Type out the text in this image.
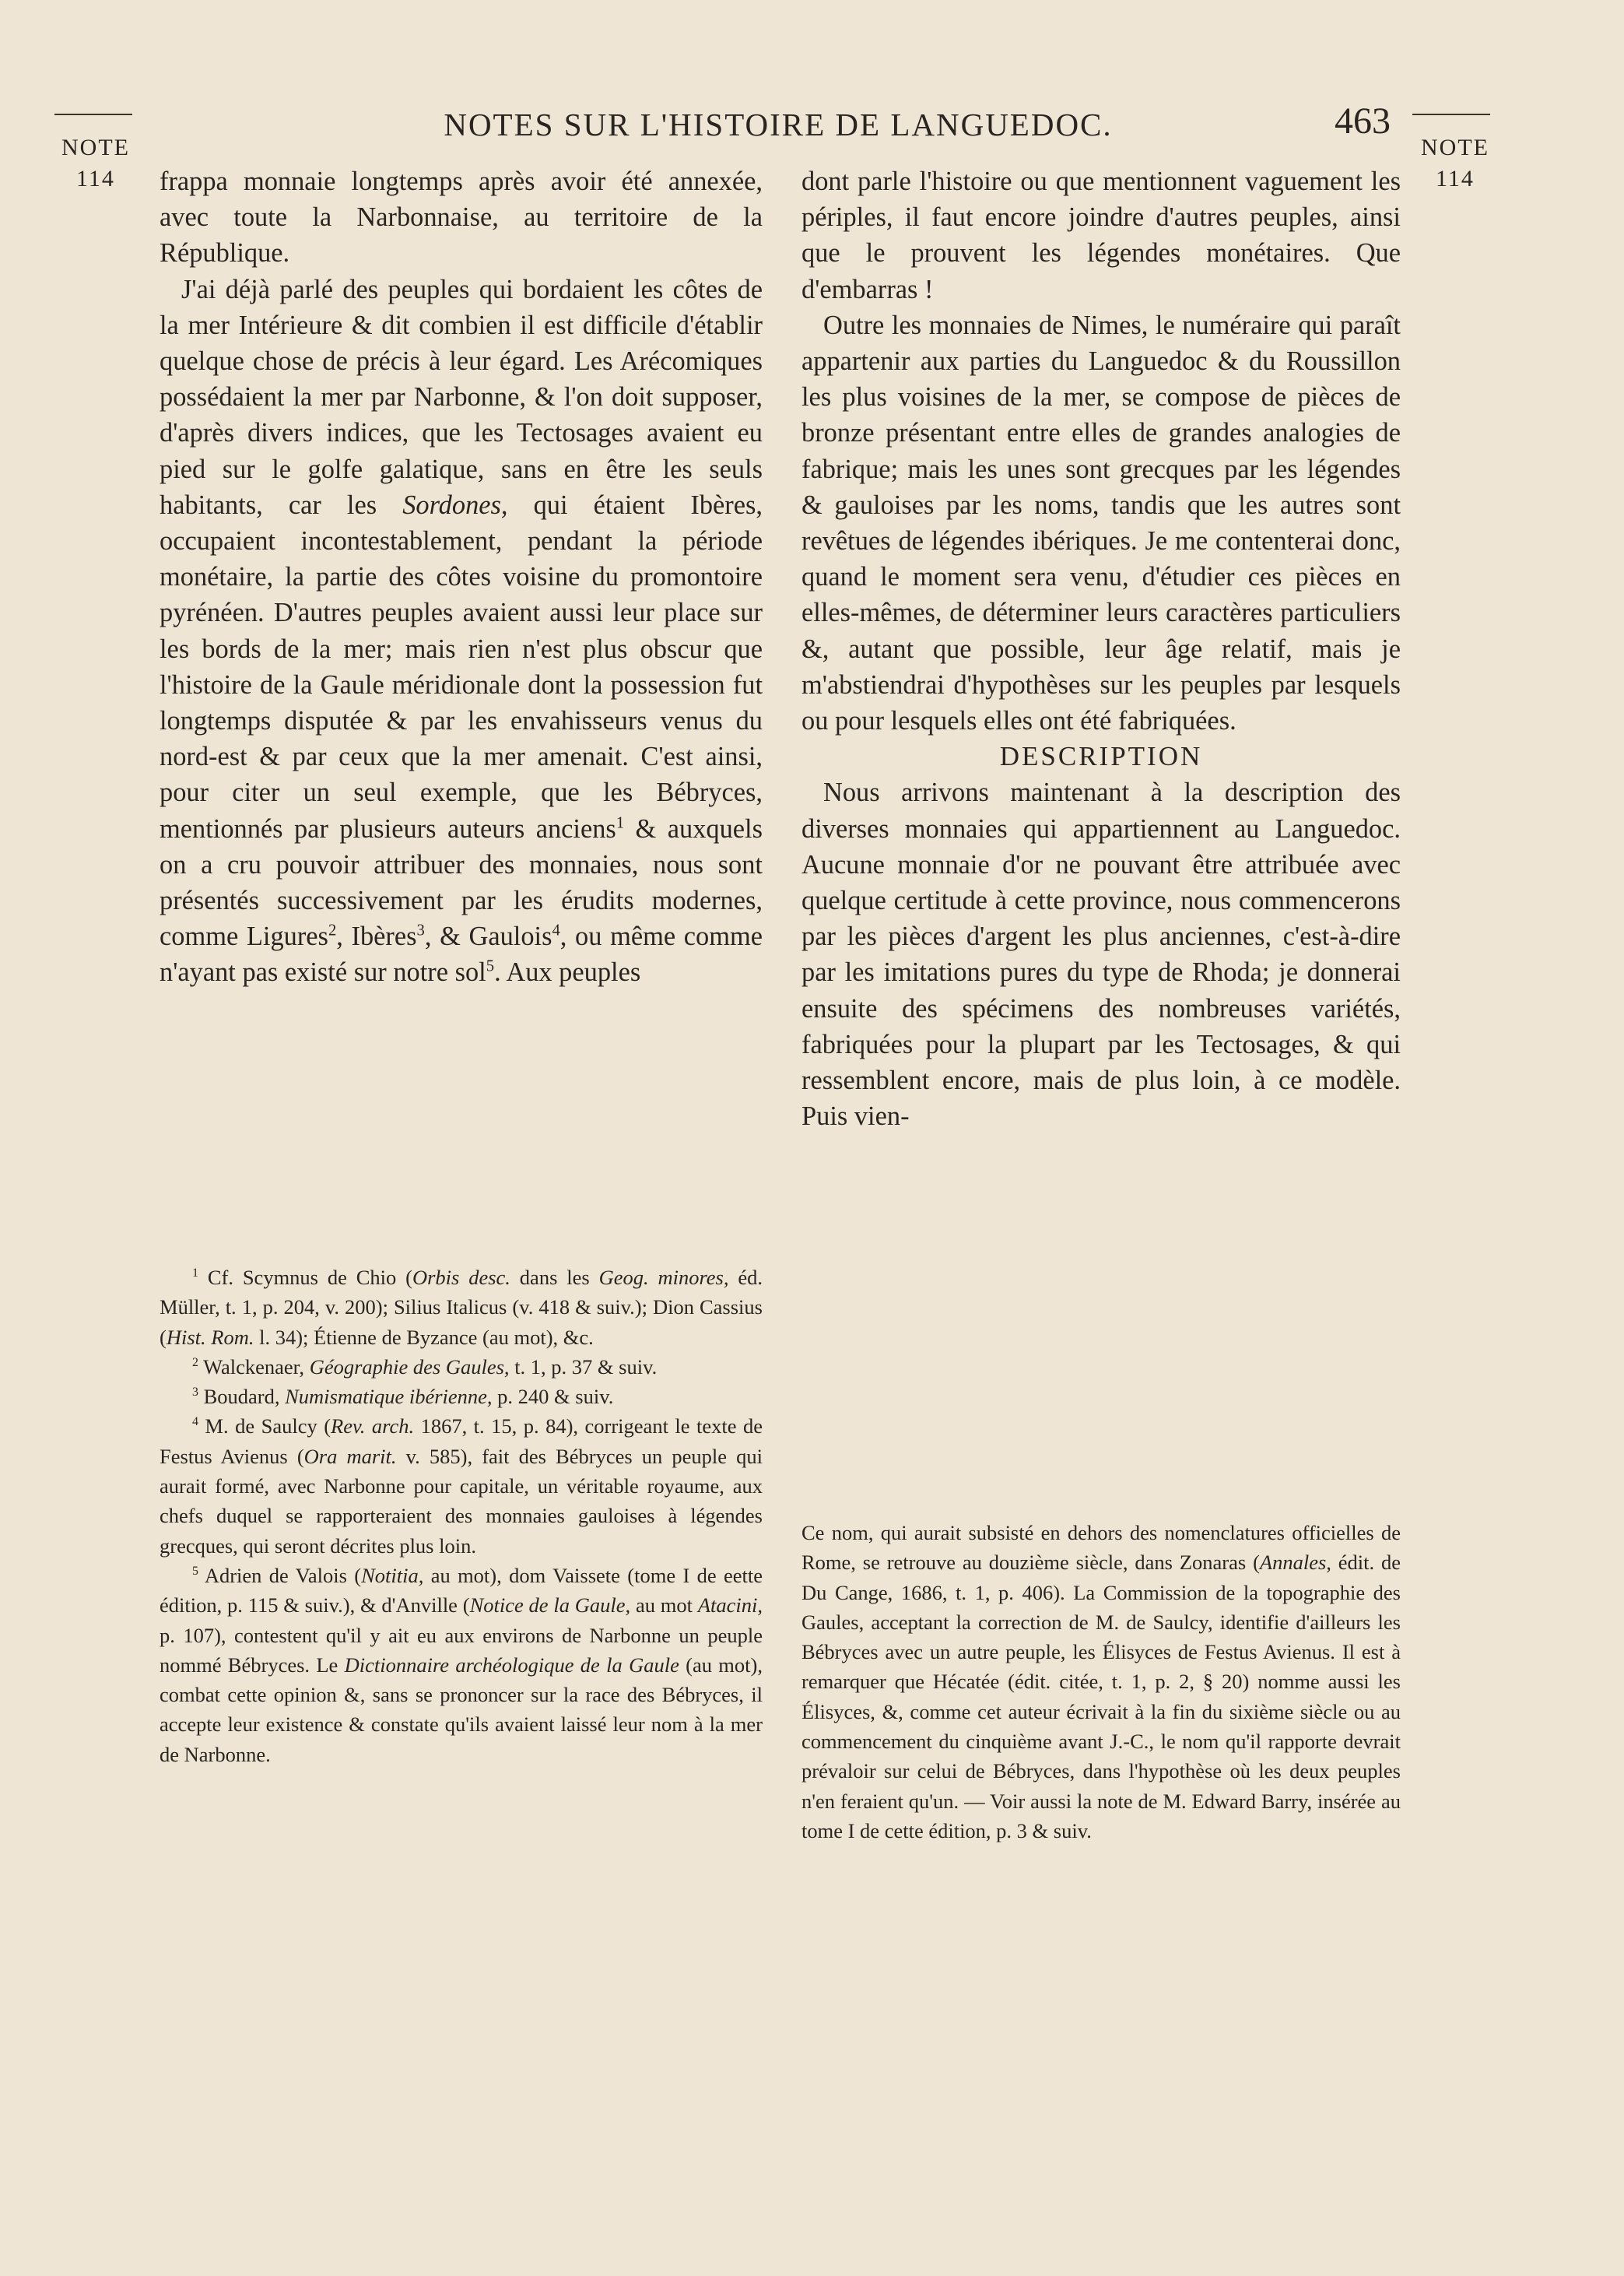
NOTE
114
NOTES SUR L'HISTOIRE DE LANGUEDOC.	463
NOTE
114

frappa monnaie longtemps après avoir été annexée, avec toute la Narbonnaise, au territoire de la République.

J'ai déjà parlé des peuples qui bordaient les côtes de la mer Intérieure & dit combien il est difficile d'établir quelque chose de précis à leur égard. Les Arécomiques possédaient la mer par Narbonne, & l'on doit supposer, d'après divers indices, que les Tectosages avaient eu pied sur le golfe galatique, sans en être les seuls habitants, car les Sordones, qui étaient Ibères, occupaient incontestablement, pendant la période monétaire, la partie des côtes voisine du promontoire pyrénéen. D'autres peuples avaient aussi leur place sur les bords de la mer; mais rien n'est plus obscur que l'histoire de la Gaule méridionale dont la possession fut longtemps disputée & par les envahisseurs venus du nord-est & par ceux que la mer amenait. C'est ainsi, pour citer un seul exemple, que les Bébryces, mentionnés par plusieurs auteurs anciens$^1$ & auxquels on a cru pouvoir attribuer des monnaies, nous sont présentés successivement par les érudits modernes, comme Ligures$^2$, Ibères$^3$, & Gaulois$^4$, ou même comme n'ayant pas existé sur notre sol$^5$. Aux peuples

dont parle l'histoire ou que mentionnent vaguement les périples, il faut encore joindre d'autres peuples, ainsi que le prouvent les légendes monétaires. Que d'embarras !

Outre les monnaies de Nimes, le numéraire qui paraît appartenir aux parties du Languedoc & du Roussillon les plus voisines de la mer, se compose de pièces de bronze présentant entre elles de grandes analogies de fabrique; mais les unes sont grecques par les légendes & gauloises par les noms, tandis que les autres sont revêtues de légendes ibériques. Je me contenterai donc, quand le moment sera venu, d'étudier ces pièces en elles-mêmes, de déterminer leurs caractères particuliers &, autant que possible, leur âge relatif, mais je m'abstiendrai d'hypothèses sur les peuples par lesquels ou pour lesquels elles ont été fabriquées.

DESCRIPTION

Nous arrivons maintenant à la description des diverses monnaies qui appartiennent au Languedoc. Aucune monnaie d'or ne pouvant être attribuée avec quelque certitude à cette province, nous commencerons par les pièces d'argent les plus anciennes, c'est-à-dire par les imitations pures du type de Rhoda; je donnerai ensuite des spécimens des nombreuses variétés, fabriquées pour la plupart par les Tectosages, & qui ressemblent encore, mais de plus loin, à ce modèle. Puis vien-

$^1$ Cf. Scymnus de Chio (Orbis desc. dans les Geog. minores, éd. Müller, t. 1, p. 204, v. 200); Silius Italicus (v. 418 & suiv.); Dion Cassius (Hist. Rom. l. 34); Étienne de Byzance (au mot), &c.

$^2$ Walckenaer, Géographie des Gaules, t. 1, p. 37 & suiv.

$^3$ Boudard, Numismatique ibérienne, p. 240 & suiv.

$^4$ M. de Saulcy (Rev. arch. 1867, t. 15, p. 84), corrigeant le texte de Festus Avienus (Ora marit. v. 585), fait des Bébryces un peuple qui aurait formé, avec Narbonne pour capitale, un véritable royaume, aux chefs duquel se rapporteraient des monnaies gauloises à légendes grecques, qui seront décrites plus loin.

$^5$ Adrien de Valois (Notitia, au mot), dom Vaissete (tome I de eette édition, p. 115 & suiv.), & d'Anville (Notice de la Gaule, au mot Atacini, p. 107), contestent qu'il y ait eu aux environs de Narbonne un peuple nommé Bébryces. Le Dictionnaire archéologique de la Gaule (au mot), combat cette opinion &, sans se prononcer sur la race des Bébryces, il accepte leur existence & constate qu'ils avaient laissé leur nom à la mer de Narbonne.

Ce nom, qui aurait subsisté en dehors des nomenclatures officielles de Rome, se retrouve au douzième siècle, dans Zonaras (Annales, édit. de Du Cange, 1686, t. 1, p. 406). La Commission de la topographie des Gaules, acceptant la correction de M. de Saulcy, identifie d'ailleurs les Bébryces avec un autre peuple, les Élisyces de Festus Avienus. Il est à remarquer que Hécatée (édit. citée, t. 1, p. 2, § 20) nomme aussi les Élisyces, &, comme cet auteur écrivait à la fin du sixième siècle ou au commencement du cinquième avant J.-C., le nom qu'il rapporte devrait prévaloir sur celui de Bébryces, dans l'hypothèse où les deux peuples n'en feraient qu'un. — Voir aussi la note de M. Edward Barry, insérée au tome I de cette édition, p. 3 & suiv.
